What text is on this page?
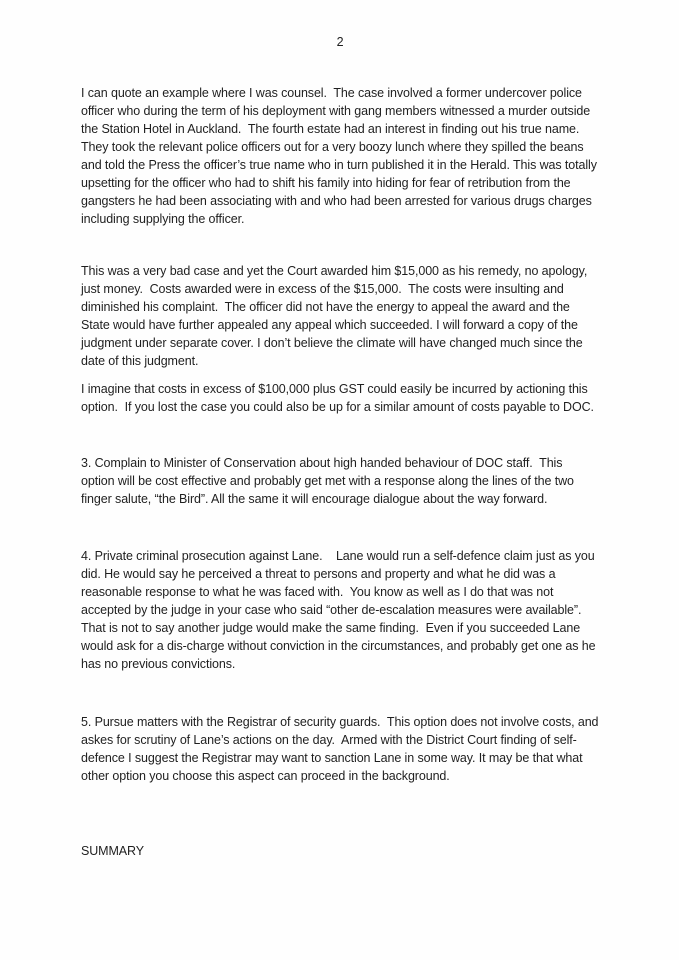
2

I can quote an example where I was counsel.  The case involved a former undercover police officer who during the term of his deployment with gang members witnessed a murder outside the Station Hotel in Auckland.  The fourth estate had an interest in finding out his true name.  They took the relevant police officers out for a very boozy lunch where they spilled the beans and told the Press the officer’s true name who in turn published it in the Herald. This was totally upsetting for the officer who had to shift his family into hiding for fear of retribution from the gangsters he had been associating with and who had been arrested for various drugs charges including supplying the officer.

This was a very bad case and yet the Court awarded him $15,000 as his remedy, no apology, just money.  Costs awarded were in excess of the $15,000.  The costs were insulting and diminished his complaint.  The officer did not have the energy to appeal the award and the State would have further appealed any appeal which succeeded. I will forward a copy of the judgment under separate cover. I don’t believe the climate will have changed much since the date of this judgment.

I imagine that costs in excess of $100,000 plus GST could easily be incurred by actioning this option.  If you lost the case you could also be up for a similar amount of costs payable to DOC.

3. Complain to Minister of Conservation about high handed behaviour of DOC staff.  This option will be cost effective and probably get met with a response along the lines of the two finger salute, “the Bird”. All the same it will encourage dialogue about the way forward.

4. Private criminal prosecution against Lane.    Lane would run a self-defence claim just as you did. He would say he perceived a threat to persons and property and what he did was a reasonable response to what he was faced with.  You know as well as I do that was not accepted by the judge in your case who said “other de-escalation measures were available”. That is not to say another judge would make the same finding.  Even if you succeeded Lane would ask for a dis-charge without conviction in the circumstances, and probably get one as he has no previous convictions.

5. Pursue matters with the Registrar of security guards.  This option does not involve costs, and askes for scrutiny of Lane’s actions on the day.  Armed with the District Court finding of self-defence I suggest the Registrar may want to sanction Lane in some way. It may be that what other option you choose this aspect can proceed in the background.

SUMMARY
